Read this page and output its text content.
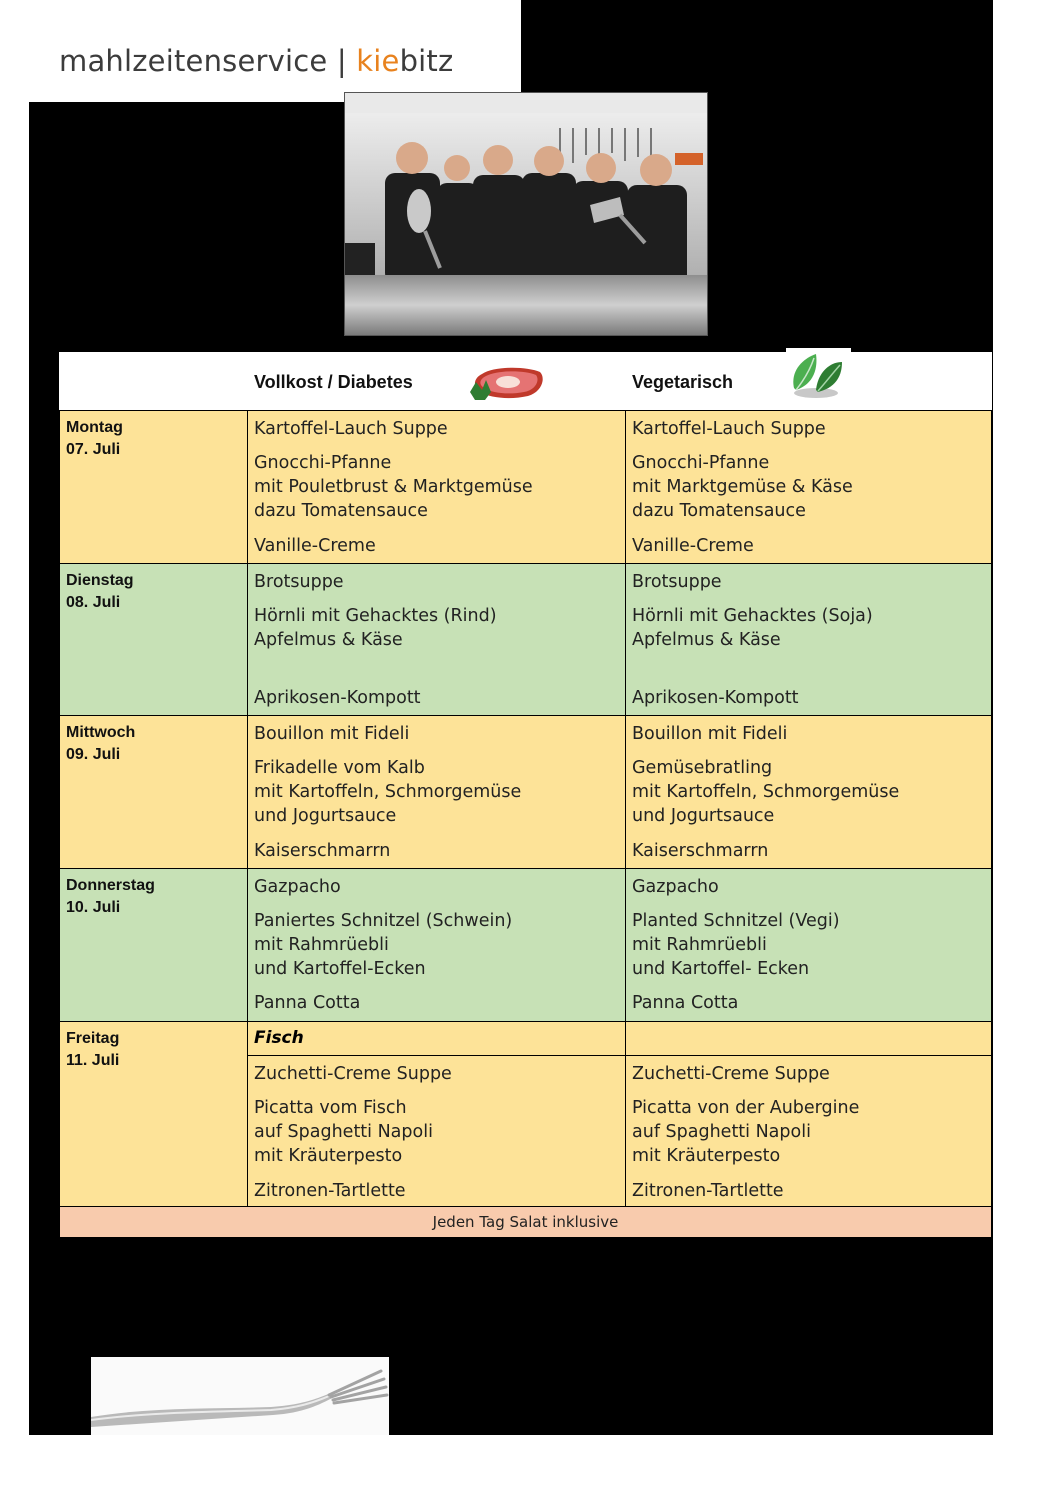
mahlzeitenservice | kiebitz
Vollkost / Diabetes	Vegetarisch
Montag
07. Juli
Kartoffel-Lauch Suppe
Gnocchi-Pfanne
mit Pouletbrust & Marktgemüse
dazu Tomatensauce
Vanille-Creme
Kartoffel-Lauch Suppe
Gnocchi-Pfanne
mit Marktgemüse & Käse
dazu Tomatensauce
Vanille-Creme
Dienstag
08. Juli
Brotsuppe
Hörnli mit Gehacktes (Rind)
Apfelmus & Käse
Aprikosen-Kompott
Brotsuppe
Hörnli mit Gehacktes (Soja)
Apfelmus & Käse
Aprikosen-Kompott
Mittwoch
09. Juli
Bouillon mit Fideli
Frikadelle vom Kalb
mit Kartoffeln, Schmorgemüse
und Jogurtsauce
Kaiserschmarrn
Bouillon mit Fideli
Gemüsebratling
mit Kartoffeln, Schmorgemüse
und Jogurtsauce
Kaiserschmarrn
Donnerstag
10. Juli
Gazpacho
Paniertes Schnitzel (Schwein)
mit Rahmrüebli
und Kartoffel-Ecken
Panna Cotta
Gazpacho
Planted Schnitzel (Vegi)
mit Rahmrüebli
und Kartoffel- Ecken
Panna Cotta
Freitag
11. Juli
Fisch
Zuchetti-Creme Suppe
Picatta vom Fisch
auf Spaghetti Napoli
mit Kräuterpesto
Zitronen-Tartlette
Zuchetti-Creme Suppe
Picatta von der Aubergine
auf Spaghetti Napoli
mit Kräuterpesto
Zitronen-Tartlette
Jeden Tag Salat inklusive
